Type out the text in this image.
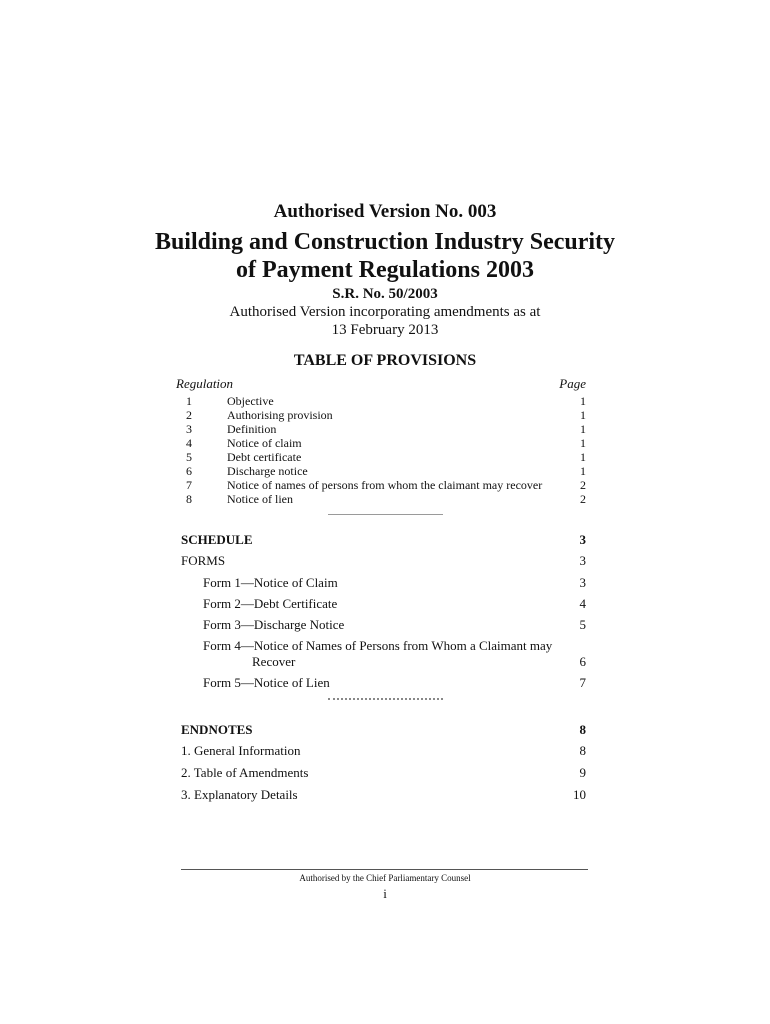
Authorised Version No. 003
Building and Construction Industry Security
of Payment Regulations 2003
S.R. No. 50/2003
Authorised Version incorporating amendments as at
13 February 2013
TABLE OF PROVISIONS
Regulation	Page
1	Objective	1
2	Authorising provision	1
3	Definition	1
4	Notice of claim	1
5	Debt certificate	1
6	Discharge notice	1
7	Notice of names of persons from whom the claimant may recover	2
8	Notice of lien	2
SCHEDULE	3
FORMS	3
Form 1—Notice of Claim	3
Form 2—Debt Certificate	4
Form 3—Discharge Notice	5
Form 4—Notice of Names of Persons from Whom a Claimant may
Recover	6
Form 5—Notice of Lien	7
ENDNOTES	8
1. General Information	8
2. Table of Amendments	9
3. Explanatory Details	10
Authorised by the Chief Parliamentary Counsel
i
